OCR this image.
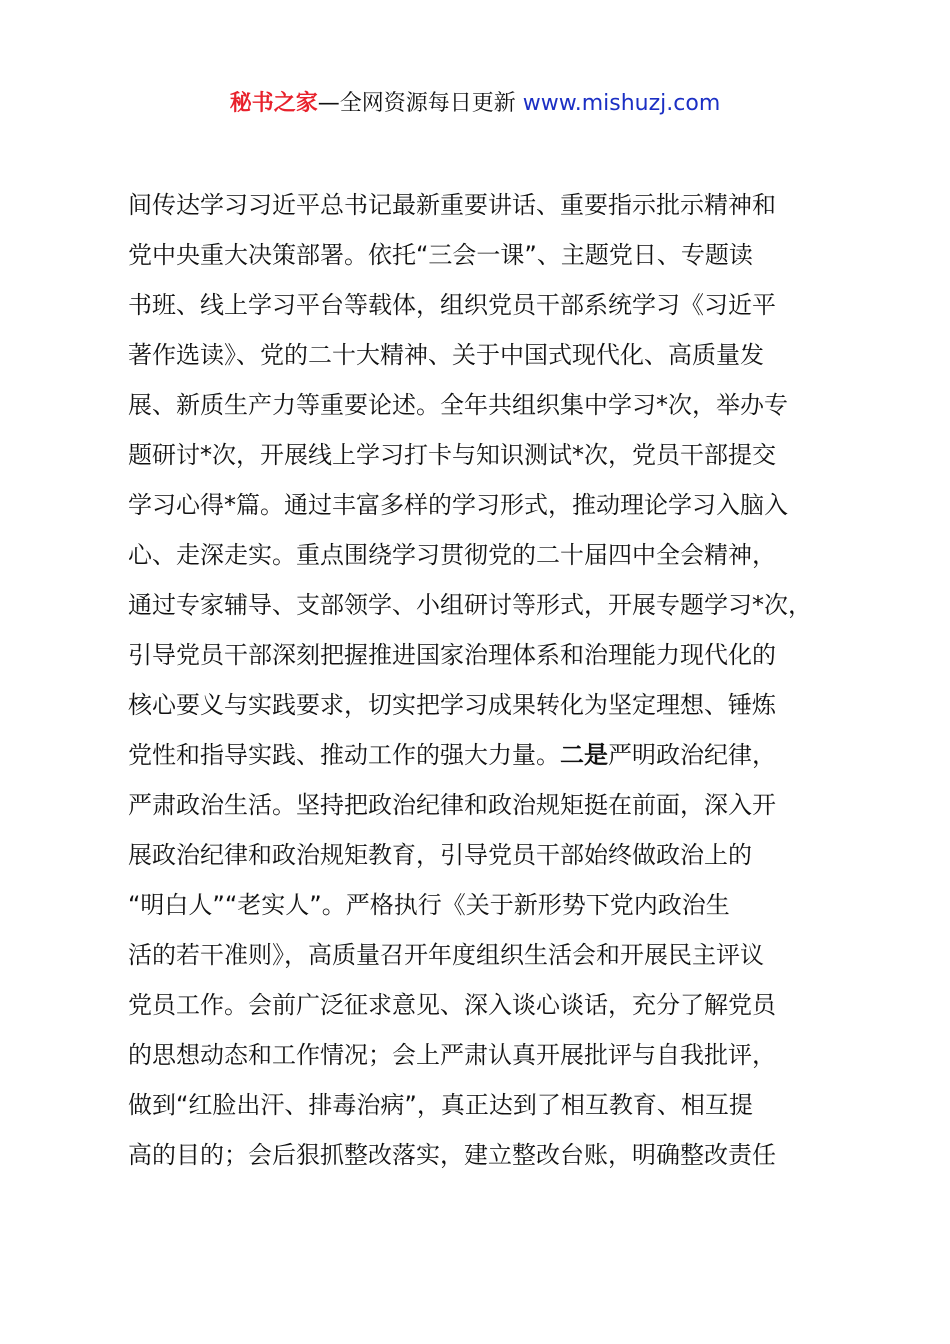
秘书之家—全网资源每日更新 www.mishuzj.com
间传达学习习近平总书记最新重要讲话、重要指示批示精神和
党中央重大决策部署。依托“三会一课”、主题党日、专题读
书班、线上学习平台等载体，组织党员干部系统学习《习近平
著作选读》、党的二十大精神、关于中国式现代化、高质量发
展、新质生产力等重要论述。全年共组织集中学习*次，举办专
题研讨*次，开展线上学习打卡与知识测试*次，党员干部提交
学习心得*篇。通过丰富多样的学习形式，推动理论学习入脑入
心、走深走实。重点围绕学习贯彻党的二十届四中全会精神，
通过专家辅导、支部领学、小组研讨等形式，开展专题学习*次，
引导党员干部深刻把握推进国家治理体系和治理能力现代化的
核心要义与实践要求，切实把学习成果转化为坚定理想、锤炼
党性和指导实践、推动工作的强大力量。二是严明政治纪律，
严肃政治生活。坚持把政治纪律和政治规矩挺在前面，深入开
展政治纪律和政治规矩教育，引导党员干部始终做政治上的
“明白人”“老实人”。严格执行《关于新形势下党内政治生
活的若干准则》，高质量召开年度组织生活会和开展民主评议
党员工作。会前广泛征求意见、深入谈心谈话，充分了解党员
的思想动态和工作情况；会上严肃认真开展批评与自我批评，
做到“红脸出汗、排毒治病”，真正达到了相互教育、相互提
高的目的；会后狠抓整改落实，建立整改台账，明确整改责任
